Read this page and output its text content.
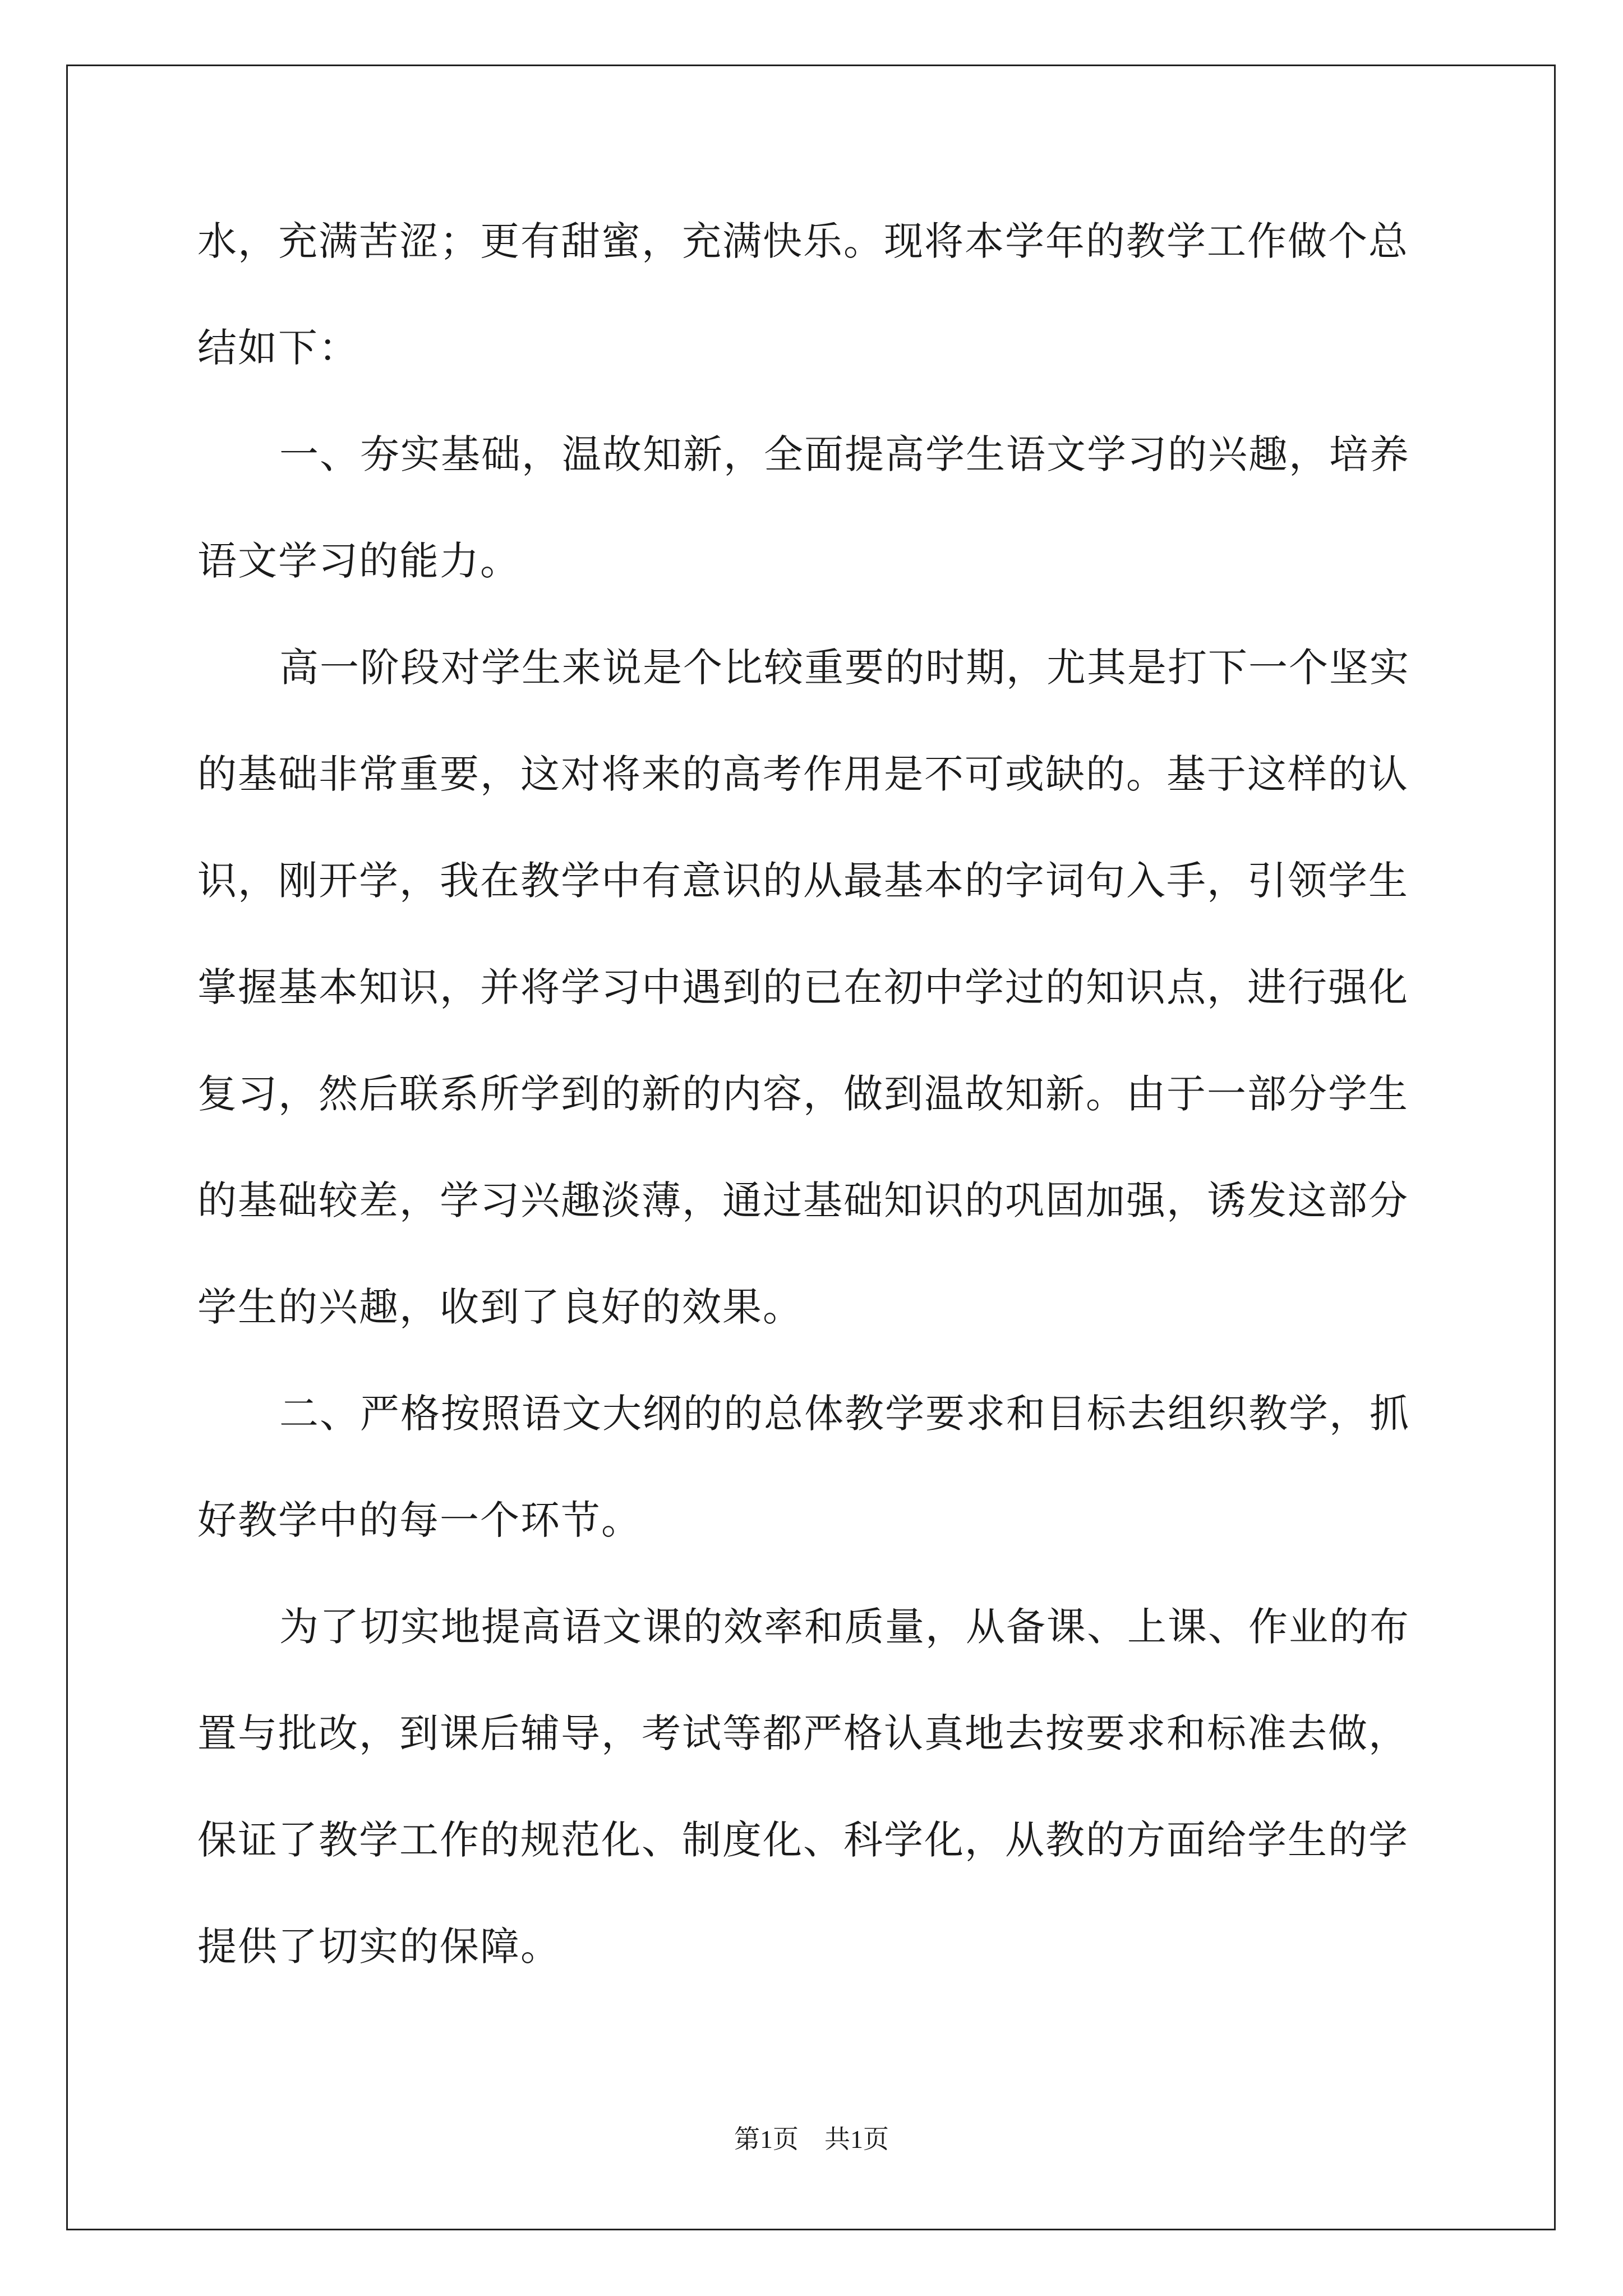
水，充满苦涩；更有甜蜜，充满快乐。现将本学年的教学工作做个总
结如下：
一、夯实基础，温故知新，全面提高学生语文学习的兴趣，培养
语文学习的能力。
高一阶段对学生来说是个比较重要的时期，尤其是打下一个坚实
的基础非常重要，这对将来的高考作用是不可或缺的。基于这样的认
识，刚开学，我在教学中有意识的从最基本的字词句入手，引领学生
掌握基本知识，并将学习中遇到的已在初中学过的知识点，进行强化
复习，然后联系所学到的新的内容，做到温故知新。由于一部分学生
的基础较差，学习兴趣淡薄，通过基础知识的巩固加强，诱发这部分
学生的兴趣，收到了良好的效果。
二、严格按照语文大纲的的总体教学要求和目标去组织教学，抓
好教学中的每一个环节。
为了切实地提高语文课的效率和质量，从备课、上课、作业的布
置与批改，到课后辅导，考试等都严格认真地去按要求和标准去做，
保证了教学工作的规范化、制度化、科学化，从教的方面给学生的学
提供了切实的保障。
第1页　共1页
